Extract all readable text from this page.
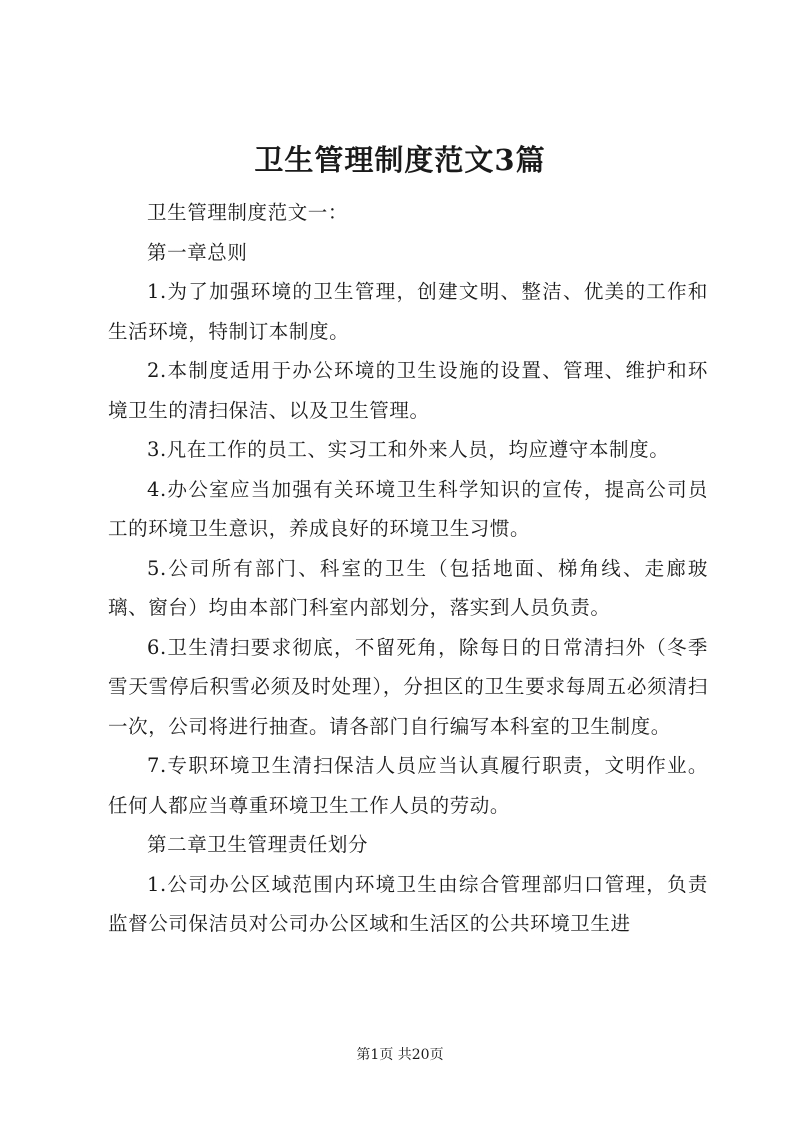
卫生管理制度范文3篇

卫生管理制度范文一：

第一章总则

1.为了加强环境的卫生管理，创建文明、整洁、优美的工作和生活环境，特制订本制度。

2.本制度适用于办公环境的卫生设施的设置、管理、维护和环境卫生的清扫保洁、以及卫生管理。

3.凡在工作的员工、实习工和外来人员，均应遵守本制度。

4.办公室应当加强有关环境卫生科学知识的宣传，提高公司员工的环境卫生意识，养成良好的环境卫生习惯。

5.公司所有部门、科室的卫生（包括地面、梯角线、走廊玻璃、窗台）均由本部门科室内部划分，落实到人员负责。

6.卫生清扫要求彻底，不留死角，除每日的日常清扫外（冬季雪天雪停后积雪必须及时处理），分担区的卫生要求每周五必须清扫一次，公司将进行抽查。请各部门自行编写本科室的卫生制度。

7.专职环境卫生清扫保洁人员应当认真履行职责，文明作业。任何人都应当尊重环境卫生工作人员的劳动。

第二章卫生管理责任划分

1.公司办公区域范围内环境卫生由综合管理部归口管理，负责监督公司保洁员对公司办公区域和生活区的公共环境卫生进

第1页 共20页
